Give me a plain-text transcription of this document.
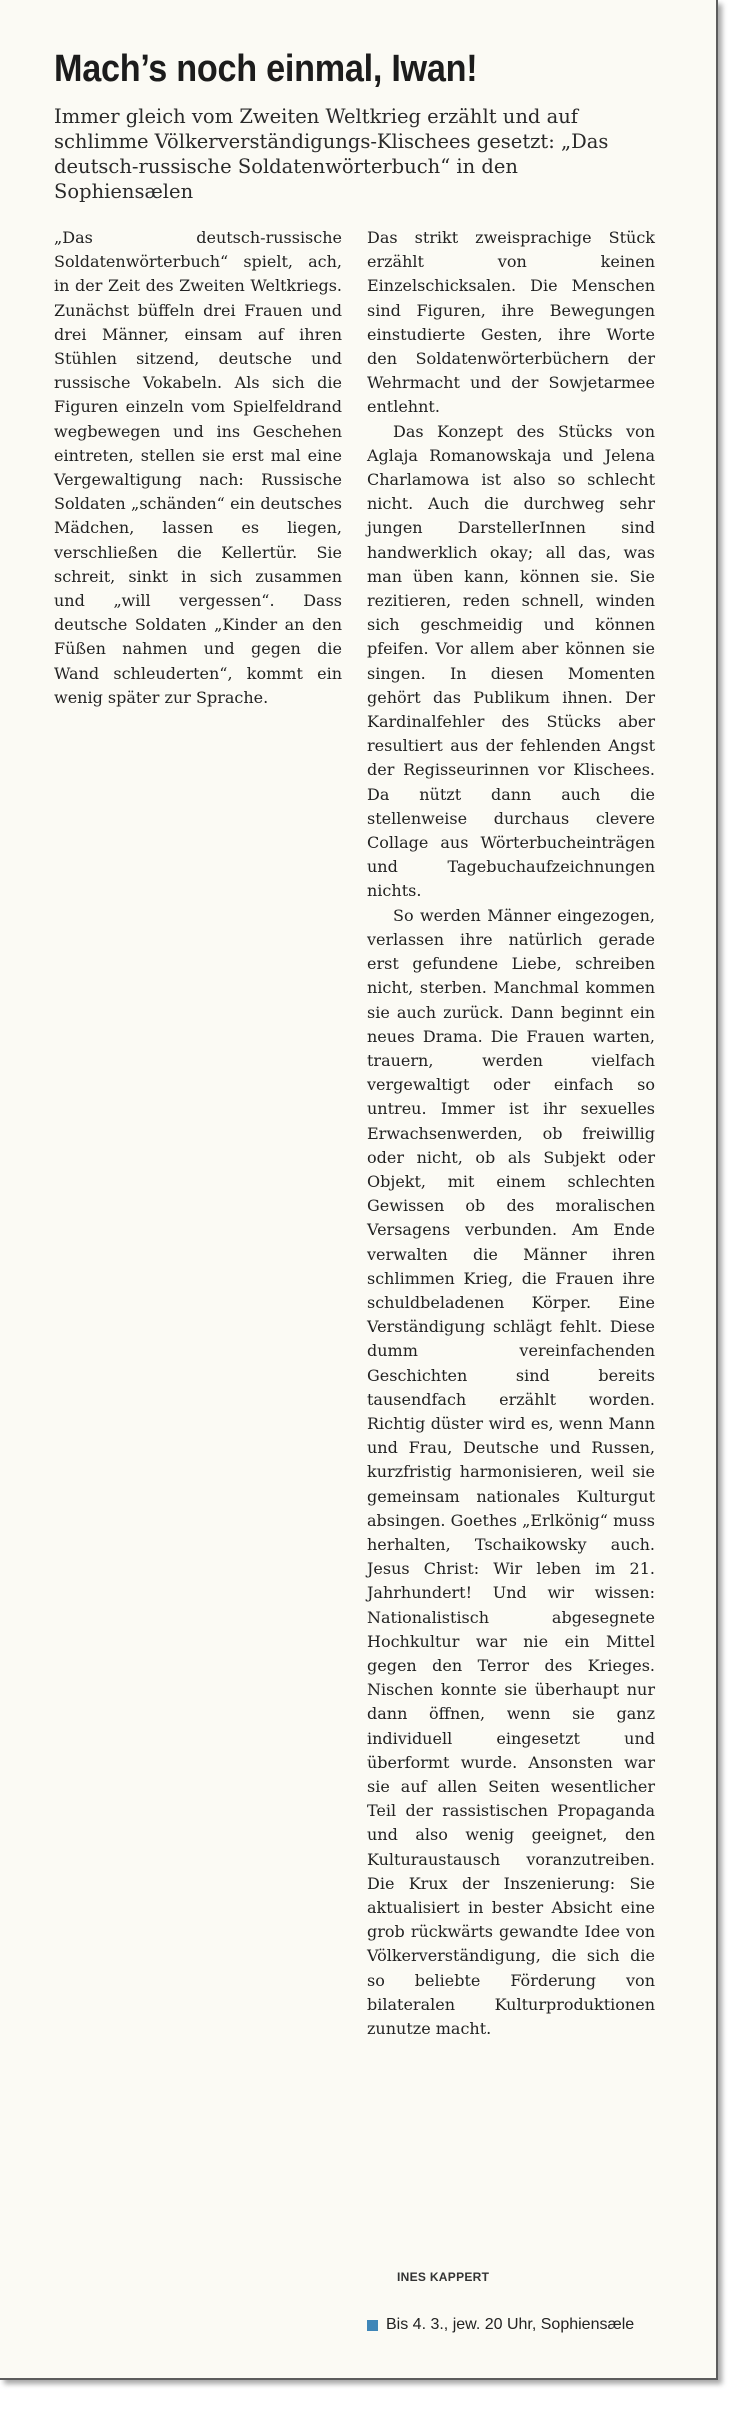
Mach’s noch einmal, Iwan!

Immer gleich vom Zweiten Weltkrieg erzählt und auf schlimme Völkerverständigungs-Klischees gesetzt: „Das deutsch-russische Soldatenwörterbuch“ in den Sophiensælen

„Das deutsch-russische Soldatenwörterbuch“ spielt, ach, in der Zeit des Zweiten Weltkriegs. Zunächst büffeln drei Frauen und drei Männer, einsam auf ihren Stühlen sitzend, deutsche und russische Vokabeln. Als sich die Figuren einzeln vom Spielfeldrand wegbewegen und ins Geschehen eintreten, stellen sie erst mal eine Vergewaltigung nach: Russische Soldaten „schänden“ ein deutsches Mädchen, lassen es liegen, verschließen die Kellertür. Sie schreit, sinkt in sich zusammen und „will vergessen“. Dass deutsche Soldaten „Kinder an den Füßen nahmen und gegen die Wand schleuderten“, kommt ein wenig später zur Sprache.

Das strikt zweisprachige Stück erzählt von keinen Einzelschicksalen. Die Menschen sind Figuren, ihre Bewegungen einstudierte Gesten, ihre Worte den Soldatenwörterbüchern der Wehrmacht und der Sowjetarmee entlehnt.

Das Konzept des Stücks von Aglaja Romanowskaja und Jelena Charlamowa ist also so schlecht nicht. Auch die durchweg sehr jungen DarstellerInnen sind handwerklich okay; all das, was man üben kann, können sie. Sie rezitieren, reden schnell, winden sich geschmeidig und können pfeifen. Vor allem aber können sie singen. In diesen Momenten gehört das Publikum ihnen. Der Kardinalfehler des Stücks aber resultiert aus der fehlenden Angst der Regisseurinnen vor Klischees. Da nützt dann auch die stellenweise durchaus clevere Collage aus Wörterbucheinträgen und Tagebuchaufzeichnungen nichts.

So werden Männer eingezogen, verlassen ihre natürlich gerade erst gefundene Liebe, schreiben nicht, sterben. Manchmal kommen sie auch zurück. Dann beginnt ein neues Drama. Die Frauen warten, trauern, werden vielfach vergewaltigt oder einfach so untreu. Immer ist ihr sexuelles Erwachsenwerden, ob freiwillig oder nicht, ob als Subjekt oder Objekt, mit einem schlechten Gewissen ob des moralischen Versagens verbunden. Am Ende verwalten die Männer ihren schlimmen Krieg, die Frauen ihre schuldbeladenen Körper. Eine Verständigung schlägt fehlt. Diese dumm vereinfachenden Geschichten sind bereits tausendfach erzählt worden. Richtig düster wird es, wenn Mann und Frau, Deutsche und Russen, kurzfristig harmonisieren, weil sie gemeinsam nationales Kulturgut absingen. Goethes „Erlkönig“ muss herhalten, Tschaikowsky auch. Jesus Christ: Wir leben im 21. Jahrhundert! Und wir wissen: Nationalistisch abgesegnete Hochkultur war nie ein Mittel gegen den Terror des Krieges. Nischen konnte sie überhaupt nur dann öffnen, wenn sie ganz individuell eingesetzt und überformt wurde. Ansonsten war sie auf allen Seiten wesentlicher Teil der rassistischen Propaganda und also wenig geeignet, den Kulturaustausch voranzutreiben. Die Krux der Inszenierung: Sie aktualisiert in bester Absicht eine grob rückwärts gewandte Idee von Völkerverständigung, die sich die so beliebte Förderung von bilateralen Kulturproduktionen zunutze macht.

INES KAPPERT
Bis 4. 3., jew. 20 Uhr, Sophiensæle
